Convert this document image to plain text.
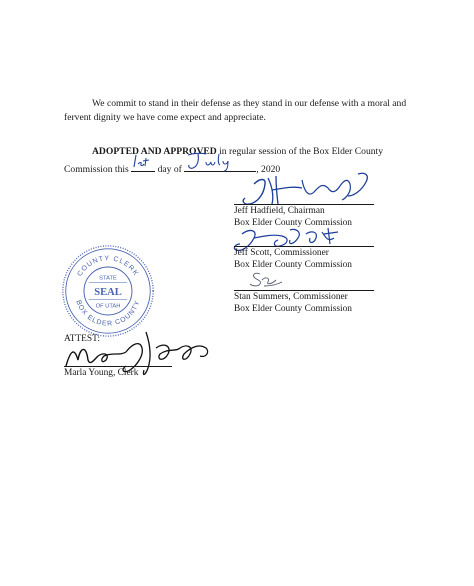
We commit to stand in their defense as they stand in our defense with a moral and fervent dignity we have come expect and appreciate.

ADOPTED AND APPROVED in regular session of the Box Elder County Commission this	day of	, 2020

Jeff Hadfield, Chairman

Box Elder County Commission

Jeff Scott, Commissioner

Box Elder County Commission

Stan Summers, Commissioner

Box Elder County Commission

COUNTY CLERK
BOX ELDER COUNTY
STATE
SEAL
OF UTAH
ATTEST:

Marla Young, Clerk
